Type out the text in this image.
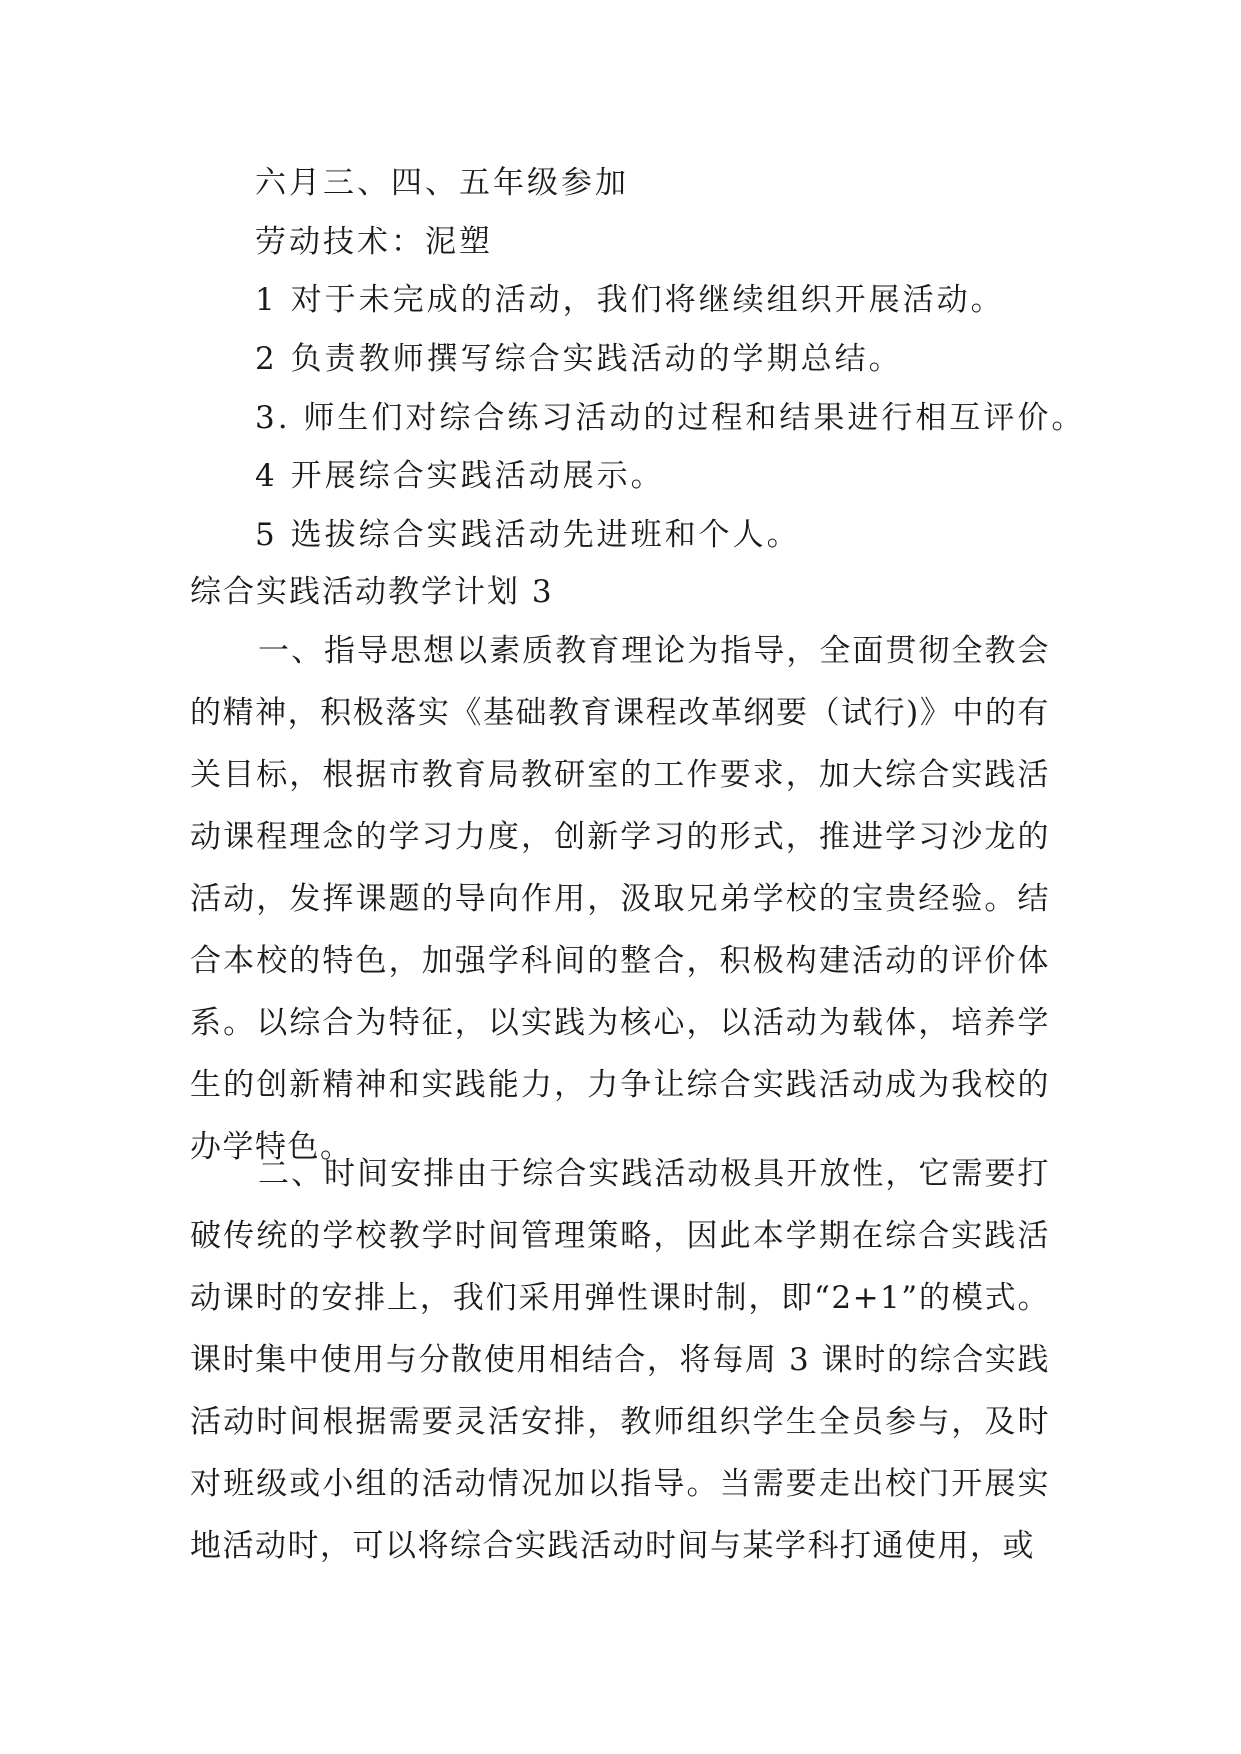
六月三、四、五年级参加
劳动技术：泥塑
1 对于未完成的活动，我们将继续组织开展活动。
2 负责教师撰写综合实践活动的学期总结。
3. 师生们对综合练习活动的过程和结果进行相互评价。
4 开展综合实践活动展示。
5 选拔综合实践活动先进班和个人。
综合实践活动教学计划 3

一、指导思想以素质教育理论为指导，全面贯彻全教会的精神，积极落实《基础教育课程改革纲要（试行)》中的有关目标，根据市教育局教研室的工作要求，加大综合实践活动课程理念的学习力度，创新学习的形式，推进学习沙龙的活动，发挥课题的导向作用，汲取兄弟学校的宝贵经验。结合本校的特色，加强学科间的整合，积极构建活动的评价体系。以综合为特征，以实践为核心，以活动为载体，培养学生的创新精神和实践能力，力争让综合实践活动成为我校的办学特色。

二、时间安排由于综合实践活动极具开放性，它需要打破传统的学校教学时间管理策略，因此本学期在综合实践活动课时的安排上，我们采用弹性课时制，即“2+1”的模式。课时集中使用与分散使用相结合，将每周 3 课时的综合实践活动时间根据需要灵活安排，教师组织学生全员参与，及时对班级或小组的活动情况加以指导。当需要走出校门开展实地活动时，可以将综合实践活动时间与某学科打通使用，或
